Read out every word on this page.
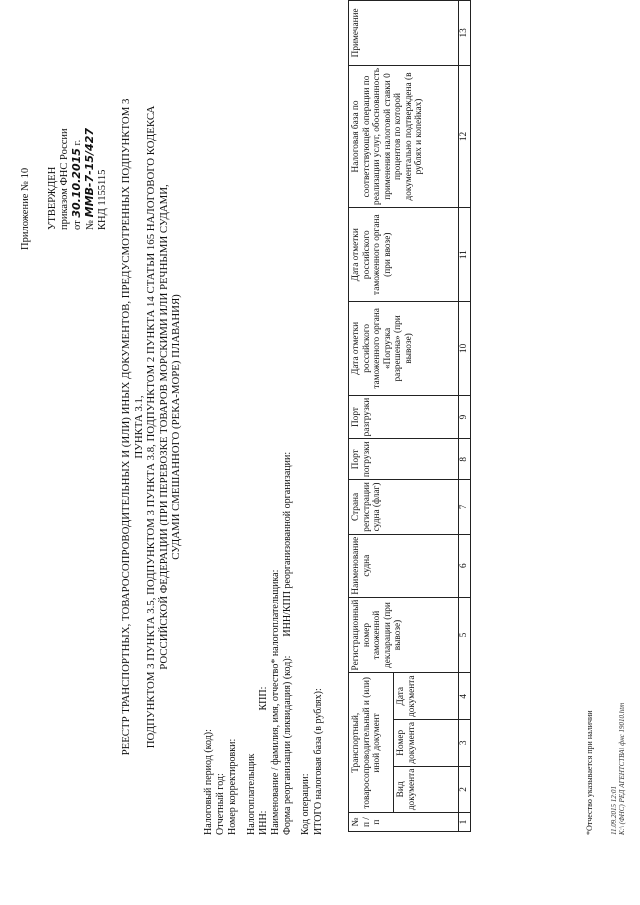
Приложение № 10 УТВЕРЖДЕН приказом ФНС России от 30.10.2015 г.
№ ММВ-7-15/427 КНД 1155115 РЕЕСТР ТРАНСПОРТНЫХ, ТОВАРОСОПРОВОДИТЕЛЬНЫХ И (ИЛИ) ИНЫХ ДОКУМЕНТОВ, ПРЕДУСМОТРЕННЫХ ПОДПУНКТОМ 3 ПУНКТА 3.1, ПОДПУНКТОМ 3 ПУНКТА 3.5, ПОДПУНКТОМ 3 ПУНКТА 3.8, ПОДПУНКТОМ 2 ПУНКТА 14 СТАТЬИ 165 НАЛОГОВОГО КОДЕКСА РОССИЙСКОЙ ФЕДЕРАЦИИ (ПРИ ПЕРЕВОЗКЕ ТОВАРОВ МОРСКИМИ ИЛИ РЕЧНЫМИ СУДАМИ, СУДАМИ СМЕШАННОГО (РЕКА-МОРЕ) ПЛАВАНИЯ)
Налоговый период (код): Отчетный год: Номер корректировки: Налогоплательщик ИНН:  КПП: Наименование / фамилия, имя, отчество* налогоплательщика: Форма реорганизации (ликвидация) (код):  ИНН/КПП реорганизованной организации:
Код операции: ИТОГО налоговая база (в рублях):	№ п / п	Транспортный, товаросопроводительный и (или) иной документ			Регистрационный номер таможенной декларации (при вывозе)	Наименование судна	Страна регистрации судна (флаг)	Порт погрузки	Порт разгрузки	Дата отметки российского таможенного органа «Погрузка разрешена» (при вывозе)	Дата отметки российского таможенного органа (при ввозе)	Налоговая база по соответствующей операции по реализации услуг, обоснованность применения налоговой ставки 0 процентов по которой документально подтверждена (в рублях и копейках)	Примечание
	Вид документа	Номер документа	Дата документа									
1	2	3	4	5	6	7	8	9	10	11	12	13
*Отчество указывается при наличии	11.09.2015 12:01 К:\ (ФНС) РЕД АГЕНТСТВА\ фнс 19010.htm
